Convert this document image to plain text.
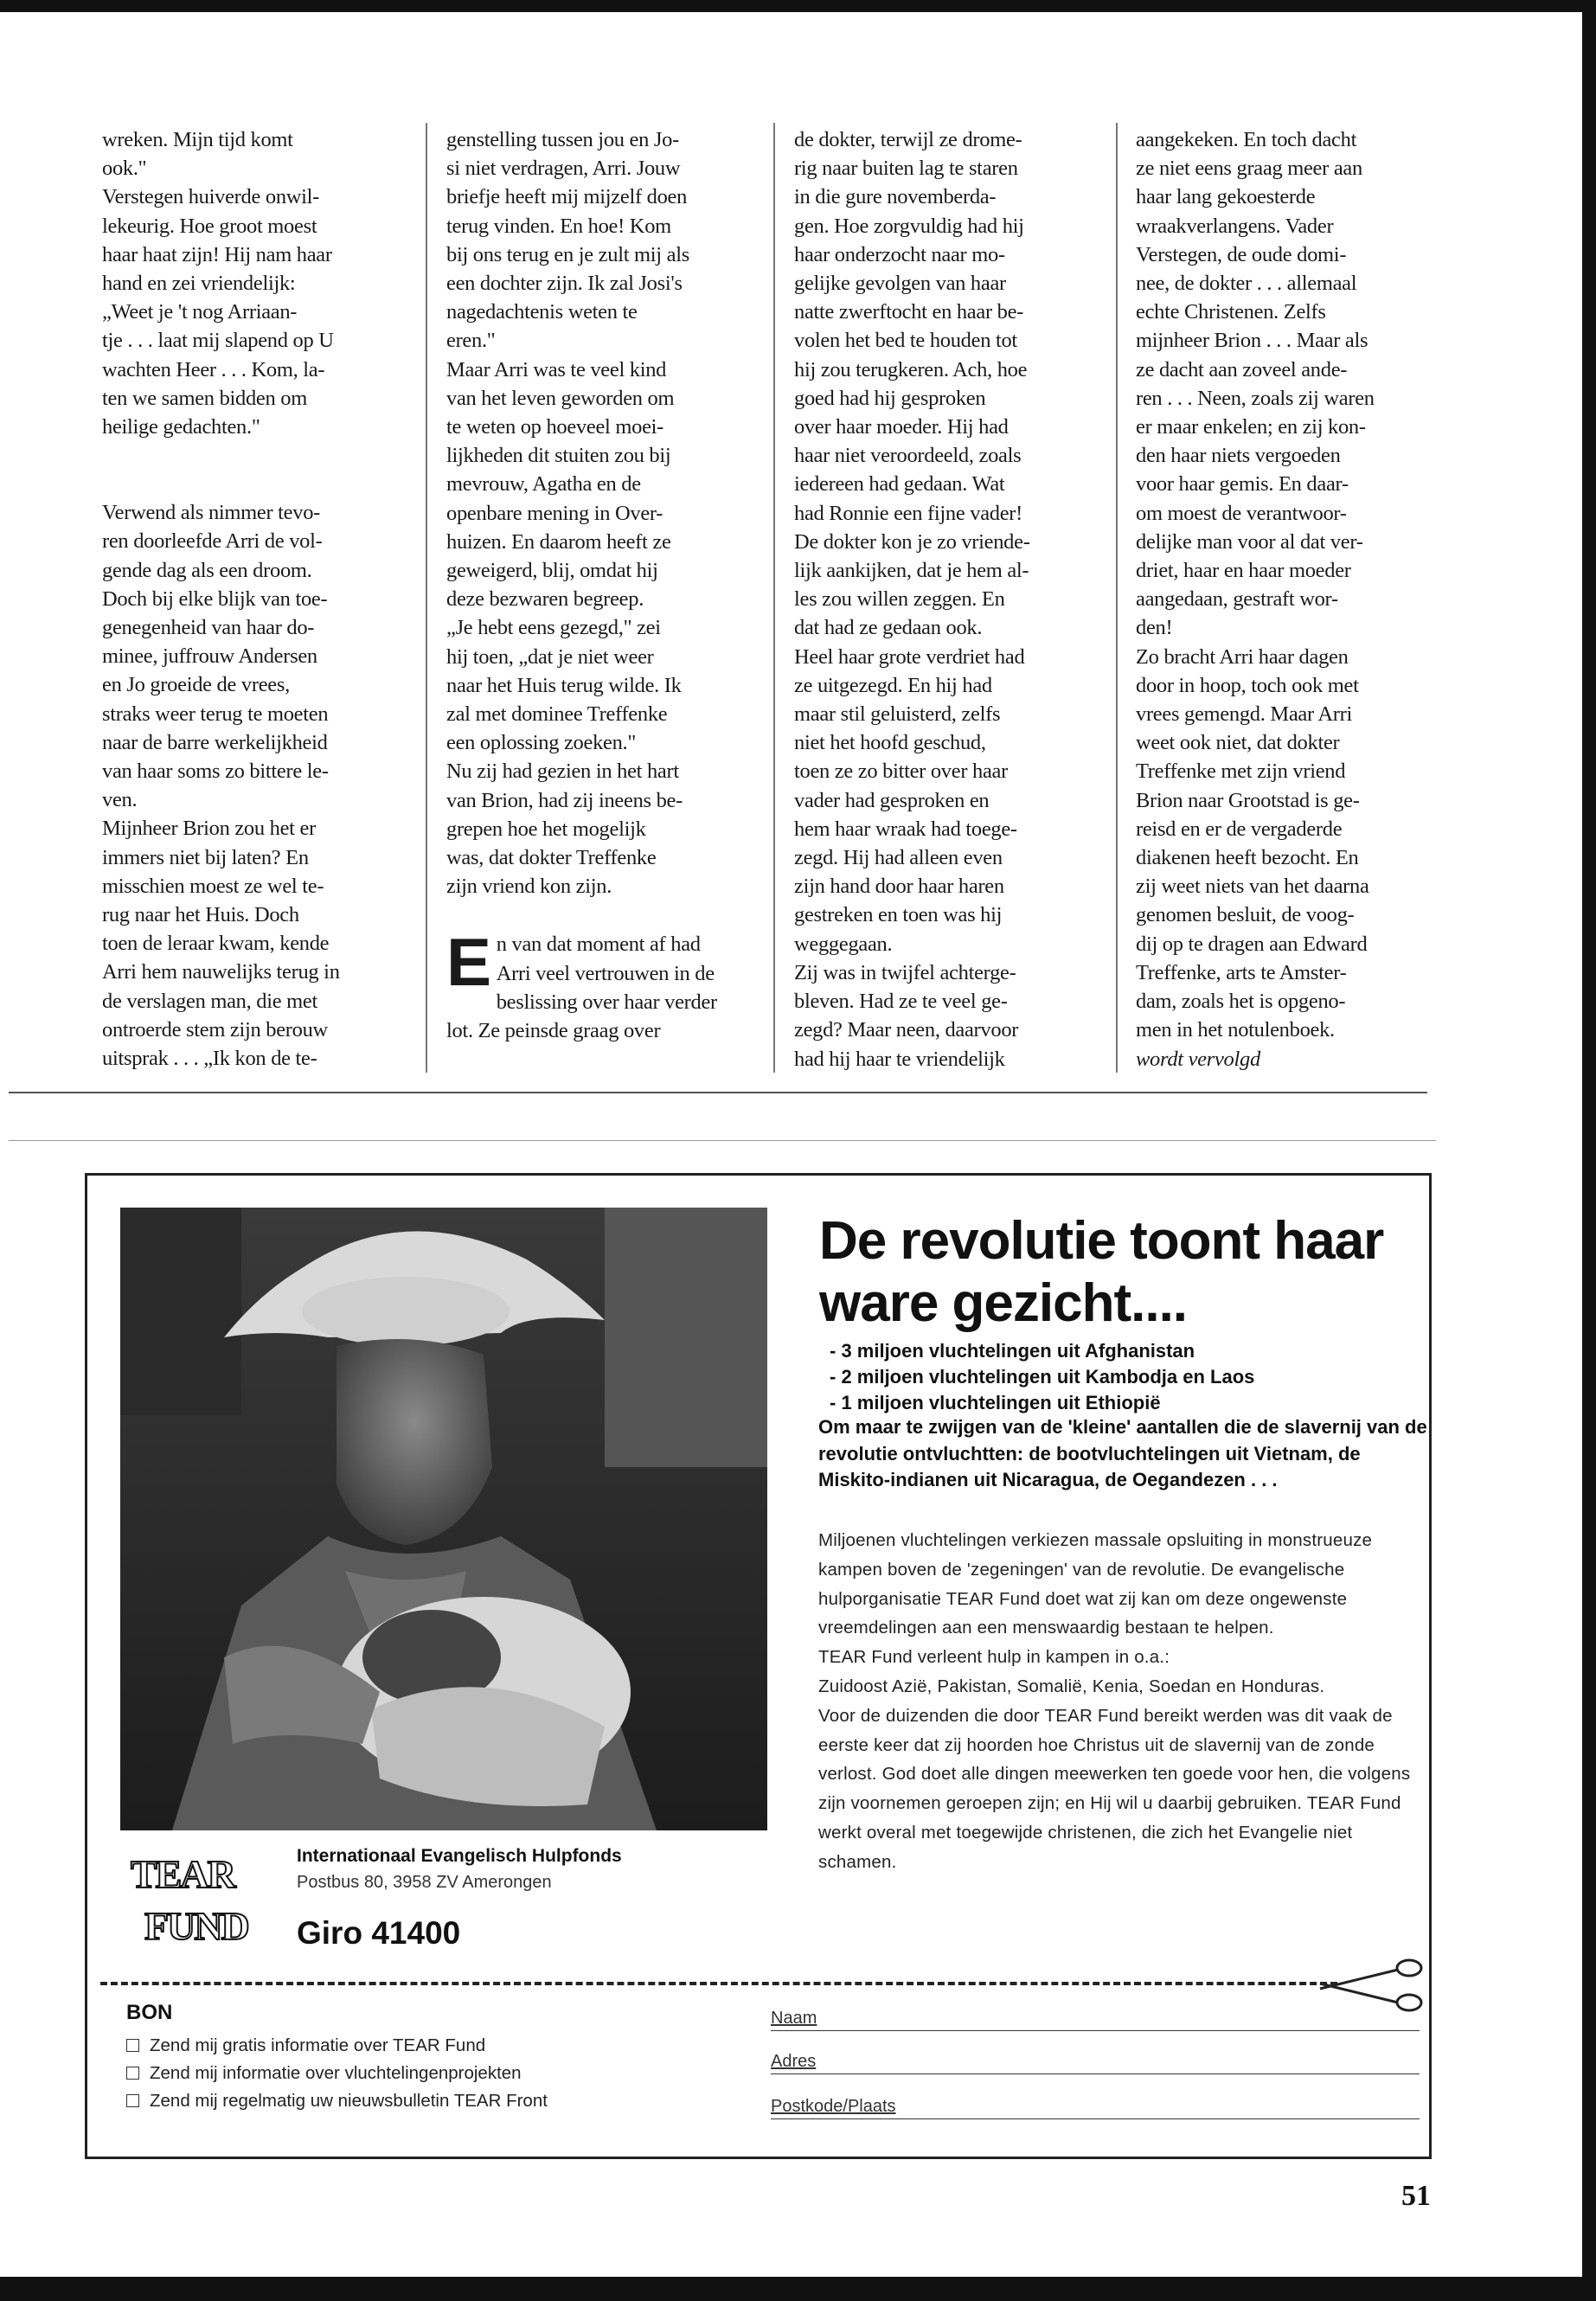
wreken. Mijn tijd komt
ook."
Verstegen huiverde onwil-
lekeurig. Hoe groot moest
haar haat zijn! Hij nam haar
hand en zei vriendelijk:
„Weet je 't nog Arriaan-
tje . . . laat mij slapend op U
wachten Heer . . . Kom, la-
ten we samen bidden om
heilige gedachten."

Verwend als nimmer tevo-
ren doorleefde Arri de vol-
gende dag als een droom.
Doch bij elke blijk van toe-
genegenheid van haar do-
minee, juffrouw Andersen
en Jo groeide de vrees,
straks weer terug te moeten
naar de barre werkelijkheid
van haar soms zo bittere le-
ven.
Mijnheer Brion zou het er
immers niet bij laten? En
misschien moest ze wel te-
rug naar het Huis. Doch
toen de leraar kwam, kende
Arri hem nauwelijks terug in
de verslagen man, die met
ontroerde stem zijn berouw
uitsprak . . . „Ik kon de te-

genstelling tussen jou en Jo-
si niet verdragen, Arri. Jouw
briefje heeft mij mijzelf doen
terug vinden. En hoe! Kom
bij ons terug en je zult mij als
een dochter zijn. Ik zal Josi's
nagedachtenis weten te
eren."
Maar Arri was te veel kind
van het leven geworden om
te weten op hoeveel moei-
lijkheden dit stuiten zou bij
mevrouw, Agatha en de
openbare mening in Over-
huizen. En daarom heeft ze
geweigerd, blij, omdat hij
deze bezwaren begreep.
„Je hebt eens gezegd," zei
hij toen, „dat je niet weer
naar het Huis terug wilde. Ik
zal met dominee Treffenke
een oplossing zoeken."
Nu zij had gezien in het hart
van Brion, had zij ineens be-
grepen hoe het mogelijk
was, dat dokter Treffenke
zijn vriend kon zijn.

En van dat moment af had
Arri veel vertrouwen in de
beslissing over haar verder
lot. Ze peinsde graag over

de dokter, terwijl ze drome-
rig naar buiten lag te staren
in die gure novemberda-
gen. Hoe zorgvuldig had hij
haar onderzocht naar mo-
gelijke gevolgen van haar
natte zwerftocht en haar be-
volen het bed te houden tot
hij zou terugkeren. Ach, hoe
goed had hij gesproken
over haar moeder. Hij had
haar niet veroordeeld, zoals
iedereen had gedaan. Wat
had Ronnie een fijne vader!
De dokter kon je zo vriende-
lijk aankijken, dat je hem al-
les zou willen zeggen. En
dat had ze gedaan ook.
Heel haar grote verdriet had
ze uitgezegd. En hij had
maar stil geluisterd, zelfs
niet het hoofd geschud,
toen ze zo bitter over haar
vader had gesproken en
hem haar wraak had toege-
zegd. Hij had alleen even
zijn hand door haar haren
gestreken en toen was hij
weggegaan.
Zij was in twijfel achterge-
bleven. Had ze te veel ge-
zegd? Maar neen, daarvoor
had hij haar te vriendelijk

aangekeken. En toch dacht
ze niet eens graag meer aan
haar lang gekoesterde
wraakverlangens. Vader
Verstegen, de oude domi-
nee, de dokter . . . allemaal
echte Christenen. Zelfs
mijnheer Brion . . . Maar als
ze dacht aan zoveel ande-
ren . . . Neen, zoals zij waren
er maar enkelen; en zij kon-
den haar niets vergoeden
voor haar gemis. En daar-
om moest de verantwoor-
delijke man voor al dat ver-
driet, haar en haar moeder
aangedaan, gestraft wor-
den!
Zo bracht Arri haar dagen
door in hoop, toch ook met
vrees gemengd. Maar Arri
weet ook niet, dat dokter
Treffenke met zijn vriend
Brion naar Grootstad is ge-
reisd en er de vergaderde
diakenen heeft bezocht. En
zij weet niets van het daarna
genomen besluit, de voog-
dij op te dragen aan Edward
Treffenke, arts te Amster-
dam, zoals het is opgeno-
men in het notulenboek.

wordt vervolgd

De revolutie toont haar ware gezicht....
- 3 miljoen vluchtelingen uit Afghanistan
- 2 miljoen vluchtelingen uit Kambodja en Laos
- 1 miljoen vluchtelingen uit Ethiopië
Om maar te zwijgen van de 'kleine' aantallen die de slavernij van de revolutie ontvluchtten: de bootvluchtelingen uit Vietnam, de Miskito-indianen uit Nicaragua, de Oegandezen . . .

Miljoenen vluchtelingen verkiezen massale opsluiting in monstrueuze kampen boven de 'zegeningen' van de revolutie. De evangelische hulporganisatie TEAR Fund doet wat zij kan om deze ongewenste vreemdelingen aan een menswaardig bestaan te helpen.

TEAR Fund verleent hulp in kampen in o.a.:

Zuidoost Azië, Pakistan, Somalië, Kenia, Soedan en Honduras.

Voor de duizenden die door TEAR Fund bereikt werden was dit vaak de eerste keer dat zij hoorden hoe Christus uit de slavernij van de zonde verlost. God doet alle dingen meewerken ten goede voor hen, die volgens zijn voornemen geroepen zijn; en Hij wil u daarbij gebruiken. TEAR Fund werkt overal met toegewijde christenen, die zich het Evangelie niet schamen.

TEAR
FUND
Internationaal Evangelisch Hulpfonds
Postbus 80, 3958 ZV Amerongen
Giro 41400
BON
Zend mij gratis informatie over TEAR Fund
Zend mij informatie over vluchtelingenprojekten
Zend mij regelmatig uw nieuwsbulletin TEAR Front
Naam
Adres
Postkode/Plaats
51
